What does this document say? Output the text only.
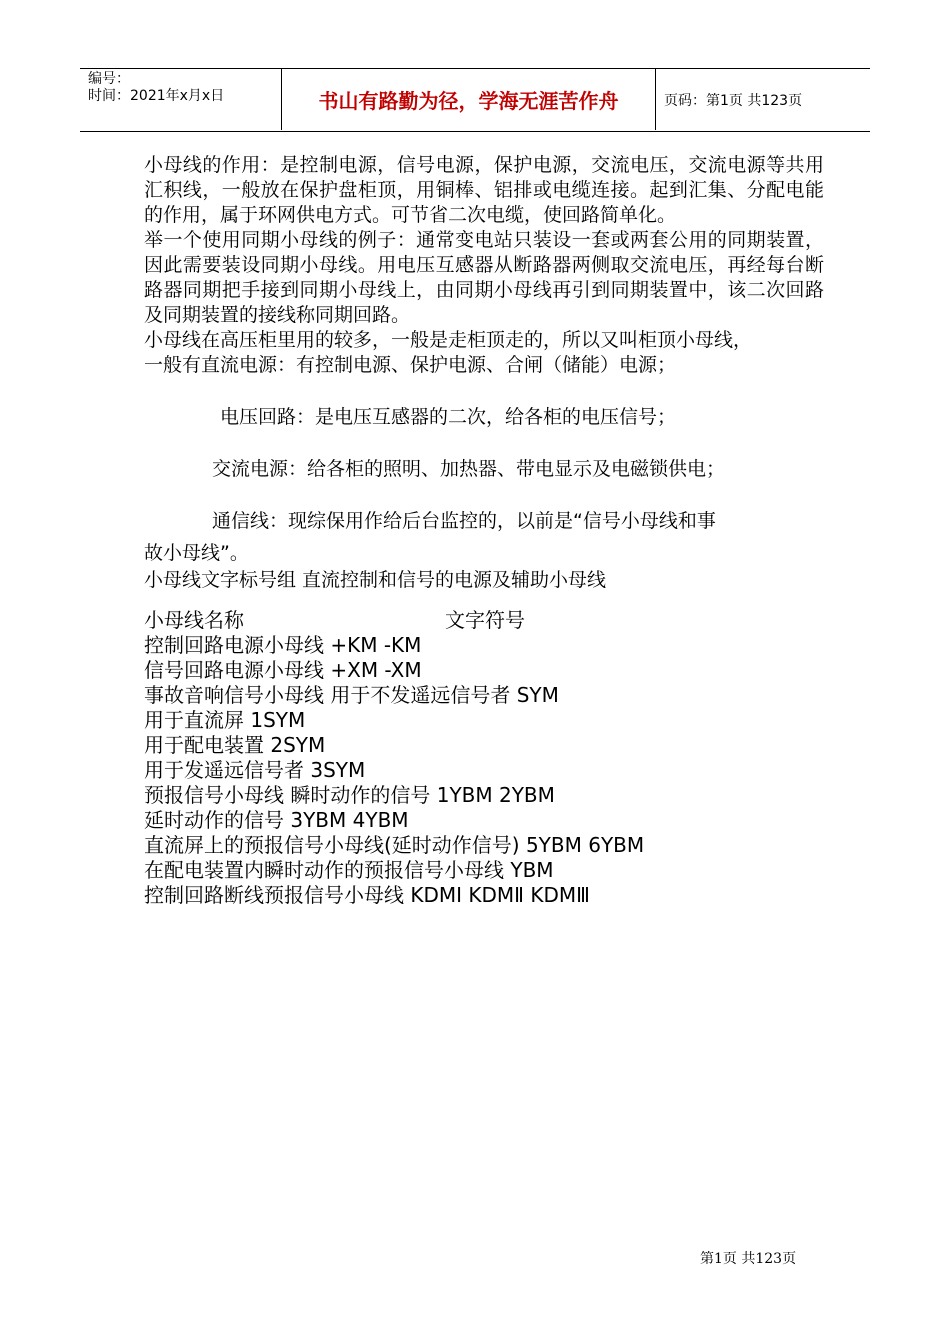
编号：
时间：2021年x月x日	书山有路勤为径，学海无涯苦作舟	页码：第1页 共123页

小母线的作用：是控制电源，信号电源，保护电源，交流电压，交流电源等共用汇积线，一般放在保护盘柜顶，用铜棒、铝排或电缆连接。起到汇集、分配电能的作用，属于环网供电方式。可节省二次电缆，使回路简单化。

举一个使用同期小母线的例子：通常变电站只装设一套或两套公用的同期装置，因此需要装设同期小母线。用电压互感器从断路器两侧取交流电压，再经每台断路器同期把手接到同期小母线上，由同期小母线再引到同期装置中，该二次回路及同期装置的接线称同期回路。

小母线在高压柜里用的较多，一般是走柜顶走的，所以又叫柜顶小母线，

一般有直流电源：有控制电源、保护电源、合闸（储能）电源；

电压回路：是电压互感器的二次，给各柜的电压信号；

交流电源：给各柜的照明、加热器、带电显示及电磁锁供电；

通信线：现综保用作给后台监控的，以前是“信号小母线和事

故小母线”。

小母线文字标号组 直流控制和信号的电源及辅助小母线

小母线名称	文字符号

控制回路电源小母线 +KM -KM

信号回路电源小母线 +XM -XM

事故音响信号小母线 用于不发遥远信号者 SYM

用于直流屏 1SYM

用于配电装置 2SYM

用于发遥远信号者 3SYM

预报信号小母线 瞬时动作的信号 1YBM 2YBM

延时动作的信号 3YBM 4YBM

直流屏上的预报信号小母线(延时动作信号) 5YBM 6YBM

在配电装置内瞬时动作的预报信号小母线 YBM

控制回路断线预报信号小母线 KDMⅠ KDMⅡ KDMⅢ

第1页 共123页
